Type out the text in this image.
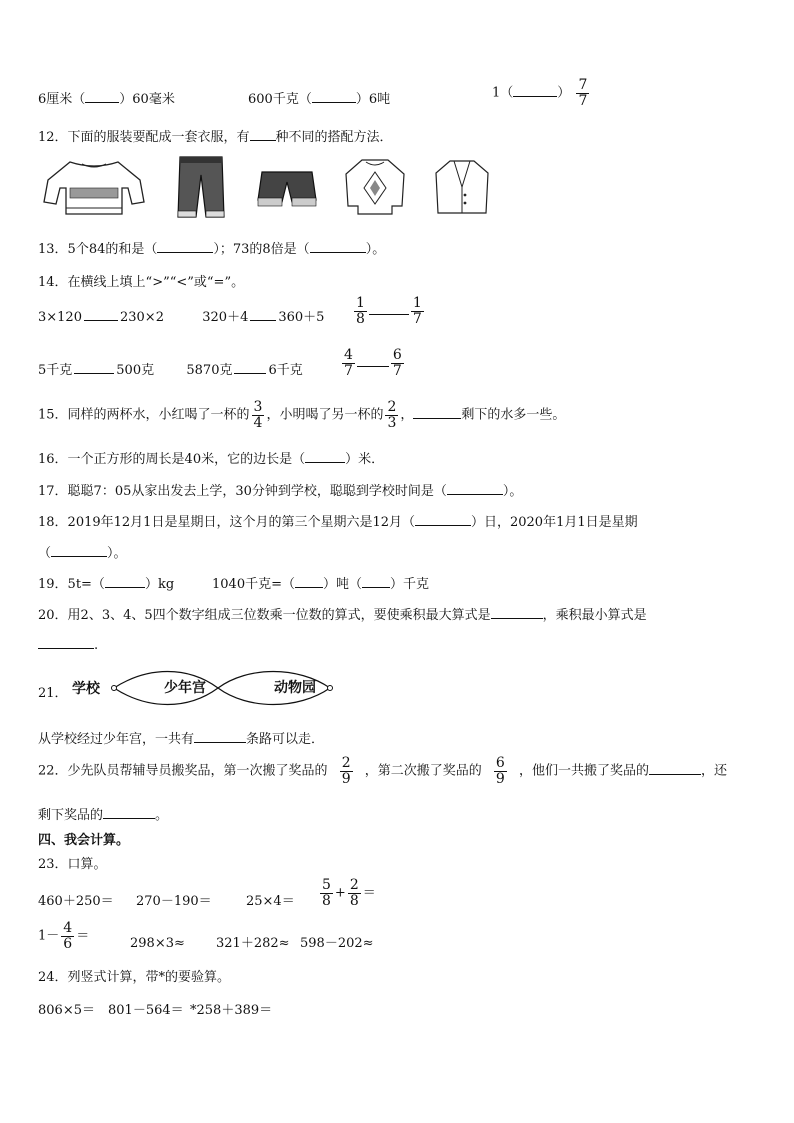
6厘米（	）60毫米	600千克（	）6吨	1（	） $\frac{7}{7}$
12．下面的服装要配成一套衣服，有 种不同的搭配方法．
13．5个84的和是（	）；73的8倍是（	）。
14．在横线上填上“>”“<”或“=”。
3×120	230×2	320＋4 $360+5 \frac{1}{8}$	$\frac{1}{7}$
5千克	500克 5870克	6千克	$\frac{4}{7}$	$\frac{6}{7}$
15．同样的两杯水，小红喝了一杯的 $\frac{3}{4}$ ，小明喝了另一杯的 $\frac{2}{3}$ ，	剩下的水多一些。
16．一个正方形的周长是40米，它的边长是（	）米．
17．聪聪7：05从家出发去上学，30分钟到学校，聪聪到学校时间是（	）。
18．2019年12月1日是星期日，这个月的第三个星期六是12月（	）日，2020年1月1日是星期
（	）。
19．5t=（	）kg	1040千克=（ ）吨（ ）千克
20．用2、3、4、5四个数字组成三位数乘一位数的算式，要使乘积最大算式是	，乘积最小算式是
.
21． 学校	少年宫	动物园
从学校经过少年宫，一共有	条路可以走．
22．少先队员帮辅导员搬奖品，第一次搬了奖品的 $\frac{2}{9}$ ，第二次搬了奖品的 $\frac{6}{9}$ ，他们一共搬了奖品的	，还
剩下奖品的	。
四、我会计算。
23．口算。
460＋250＝ 270－190＝	25×4＝	$\frac{5}{8} + \frac{2}{8}$ ＝
$1- \frac{4}{6}$ ＝	298×3≈ 321＋282≈ 598－202≈
24．列竖式计算，带*的要验算。
806×5＝ 801－564＝ *258＋389＝
